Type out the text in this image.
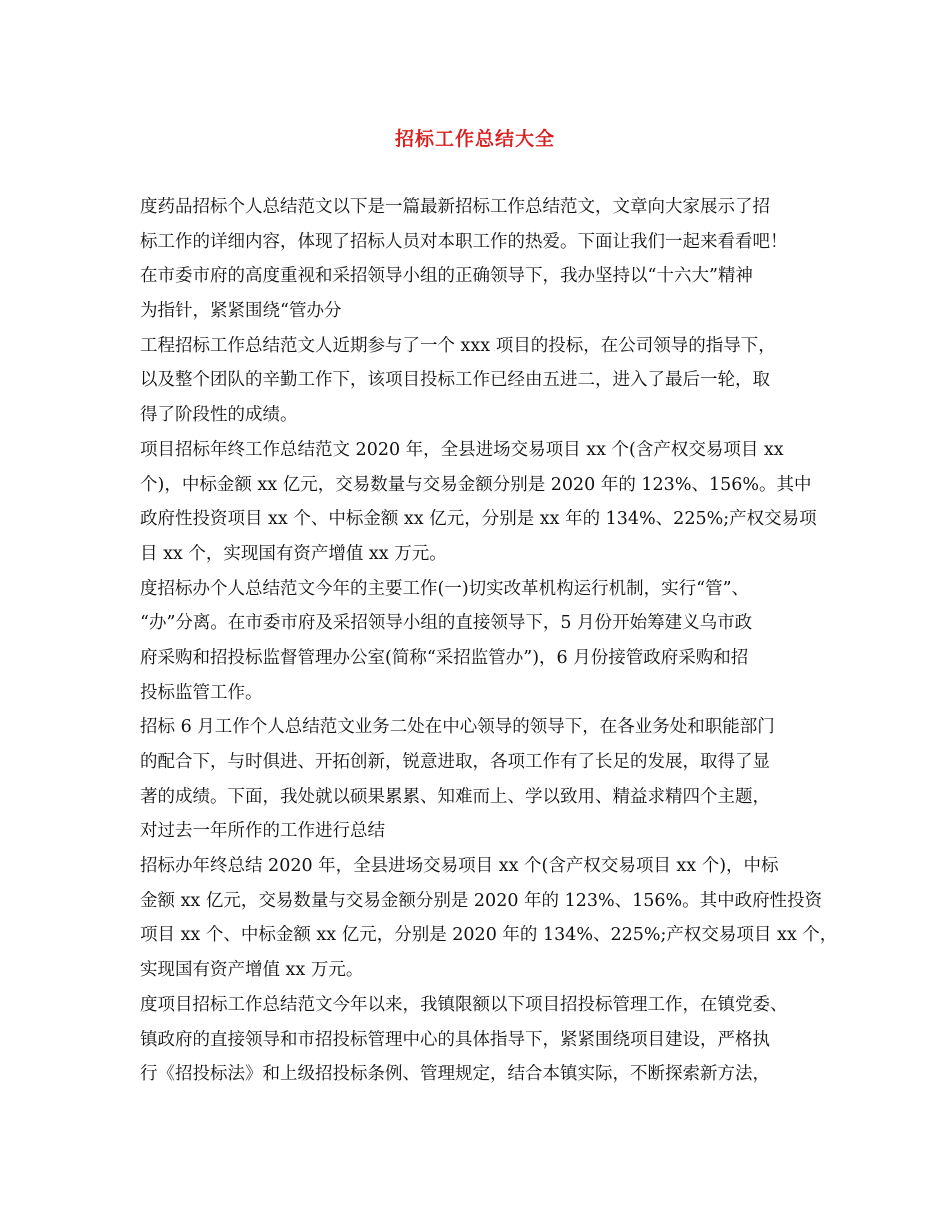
招标工作总结大全
度药品招标个人总结范文以下是一篇最新招标工作总结范文，文章向大家展示了招
标工作的详细内容，体现了招标人员对本职工作的热爱。下面让我们一起来看看吧！
在市委市府的高度重视和采招领导小组的正确领导下，我办坚持以“十六大”精神
为指针，紧紧围绕“管办分
工程招标工作总结范文人近期参与了一个 xxx 项目的投标，在公司领导的指导下，
以及整个团队的辛勤工作下，该项目投标工作已经由五进二，进入了最后一轮，取
得了阶段性的成绩。
项目招标年终工作总结范文 2020 年，全县进场交易项目 xx 个(含产权交易项目 xx
个)，中标金额 xx 亿元，交易数量与交易金额分别是 2020 年的 123%、156%。其中
政府性投资项目 xx 个、中标金额 xx 亿元，分别是 xx 年的 134%、225%;产权交易项
目 xx 个，实现国有资产增值 xx 万元。
度招标办个人总结范文今年的主要工作(一)切实改革机构运行机制，实行“管”、
“办”分离。在市委市府及采招领导小组的直接领导下，5 月份开始筹建义乌市政
府采购和招投标监督管理办公室(简称“采招监管办”)，6 月份接管政府采购和招
投标监管工作。
招标 6 月工作个人总结范文业务二处在中心领导的领导下，在各业务处和职能部门
的配合下，与时俱进、开拓创新，锐意进取，各项工作有了长足的发展，取得了显
著的成绩。下面，我处就以硕果累累、知难而上、学以致用、精益求精四个主题，
对过去一年所作的工作进行总结
招标办年终总结 2020 年，全县进场交易项目 xx 个(含产权交易项目 xx 个)，中标
金额 xx 亿元，交易数量与交易金额分别是 2020 年的 123%、156%。其中政府性投资
项目 xx 个、中标金额 xx 亿元，分别是 2020 年的 134%、225%;产权交易项目 xx 个，
实现国有资产增值 xx 万元。
度项目招标工作总结范文今年以来，我镇限额以下项目招投标管理工作，在镇党委、
镇政府的直接领导和市招投标管理中心的具体指导下，紧紧围绕项目建设，严格执
行《招投标法》和上级招投标条例、管理规定，结合本镇实际，不断探索新方法，
